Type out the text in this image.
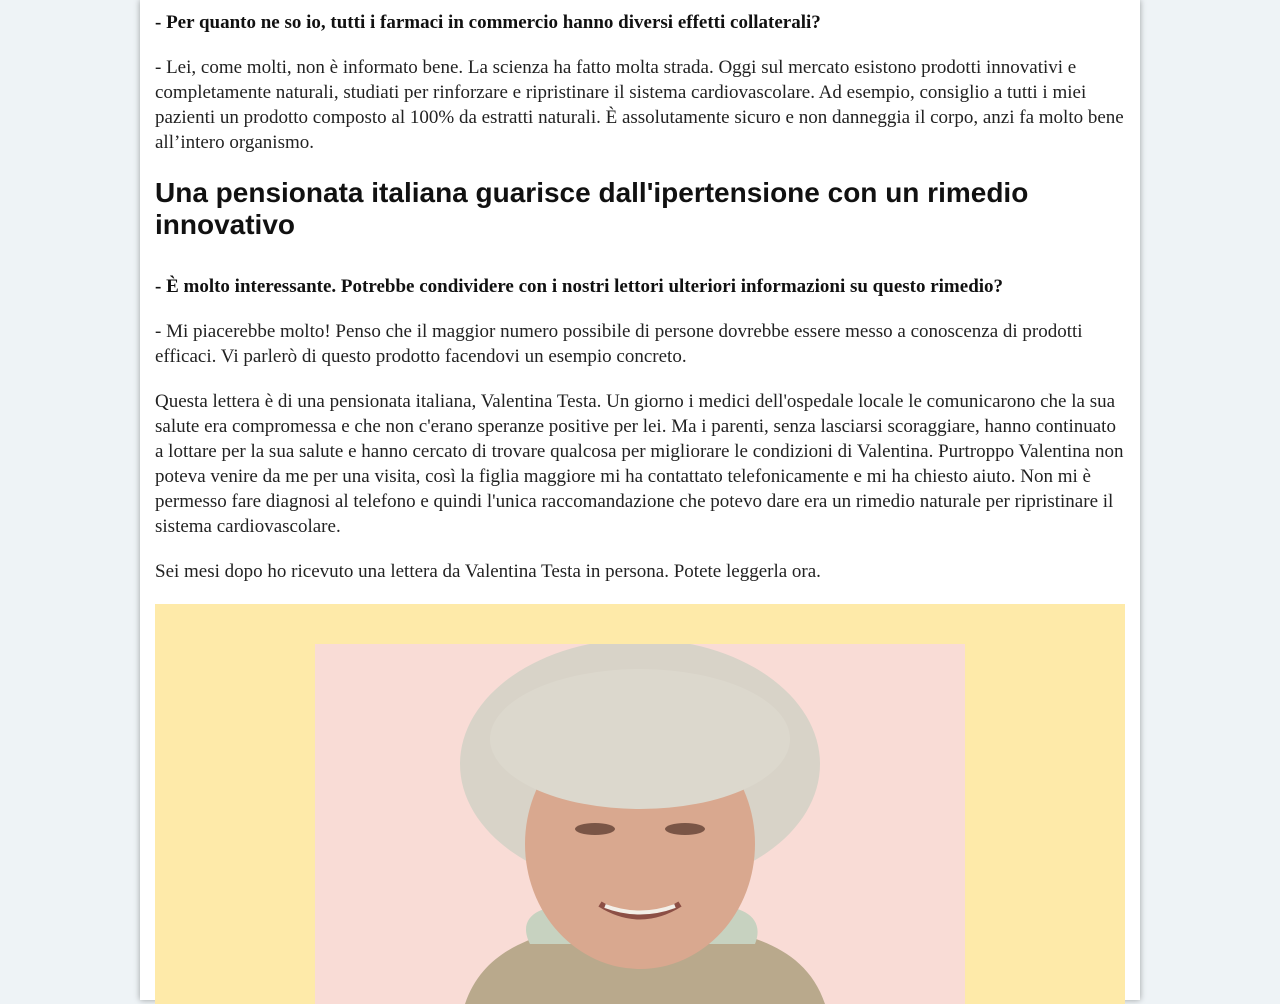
- Per quanto ne so io, tutti i farmaci in commercio hanno diversi effetti collaterali?

- Lei, come molti, non è informato bene. La scienza ha fatto molta strada. Oggi sul mercato esistono prodotti innovativi e completamente naturali, studiati per rinforzare e ripristinare il sistema cardiovascolare. Ad esempio, consiglio a tutti i miei pazienti un prodotto composto al 100% da estratti naturali. È assolutamente sicuro e non danneggia il corpo, anzi fa molto bene all’intero organismo.

Una pensionata italiana guarisce dall'ipertensione con un rimedio innovativo

- È molto interessante. Potrebbe condividere con i nostri lettori ulteriori informazioni su questo rimedio?

- Mi piacerebbe molto! Penso che il maggior numero possibile di persone dovrebbe essere messo a conoscenza di prodotti efficaci. Vi parlerò di questo prodotto facendovi un esempio concreto.

Questa lettera è di una pensionata italiana, Valentina Testa. Un giorno i medici dell'ospedale locale le comunicarono che la sua salute era compromessa e che non c'erano speranze positive per lei. Ma i parenti, senza lasciarsi scoraggiare, hanno continuato a lottare per la sua salute e hanno cercato di trovare qualcosa per migliorare le condizioni di Valentina. Purtroppo Valentina non poteva venire da me per una visita, così la figlia maggiore mi ha contattato telefonicamente e mi ha chiesto aiuto. Non mi è permesso fare diagnosi al telefono e quindi l'unica raccomandazione che potevo dare era un rimedio naturale per ripristinare il sistema cardiovascolare.

Sei mesi dopo ho ricevuto una lettera da Valentina Testa in persona. Potete leggerla ora.
